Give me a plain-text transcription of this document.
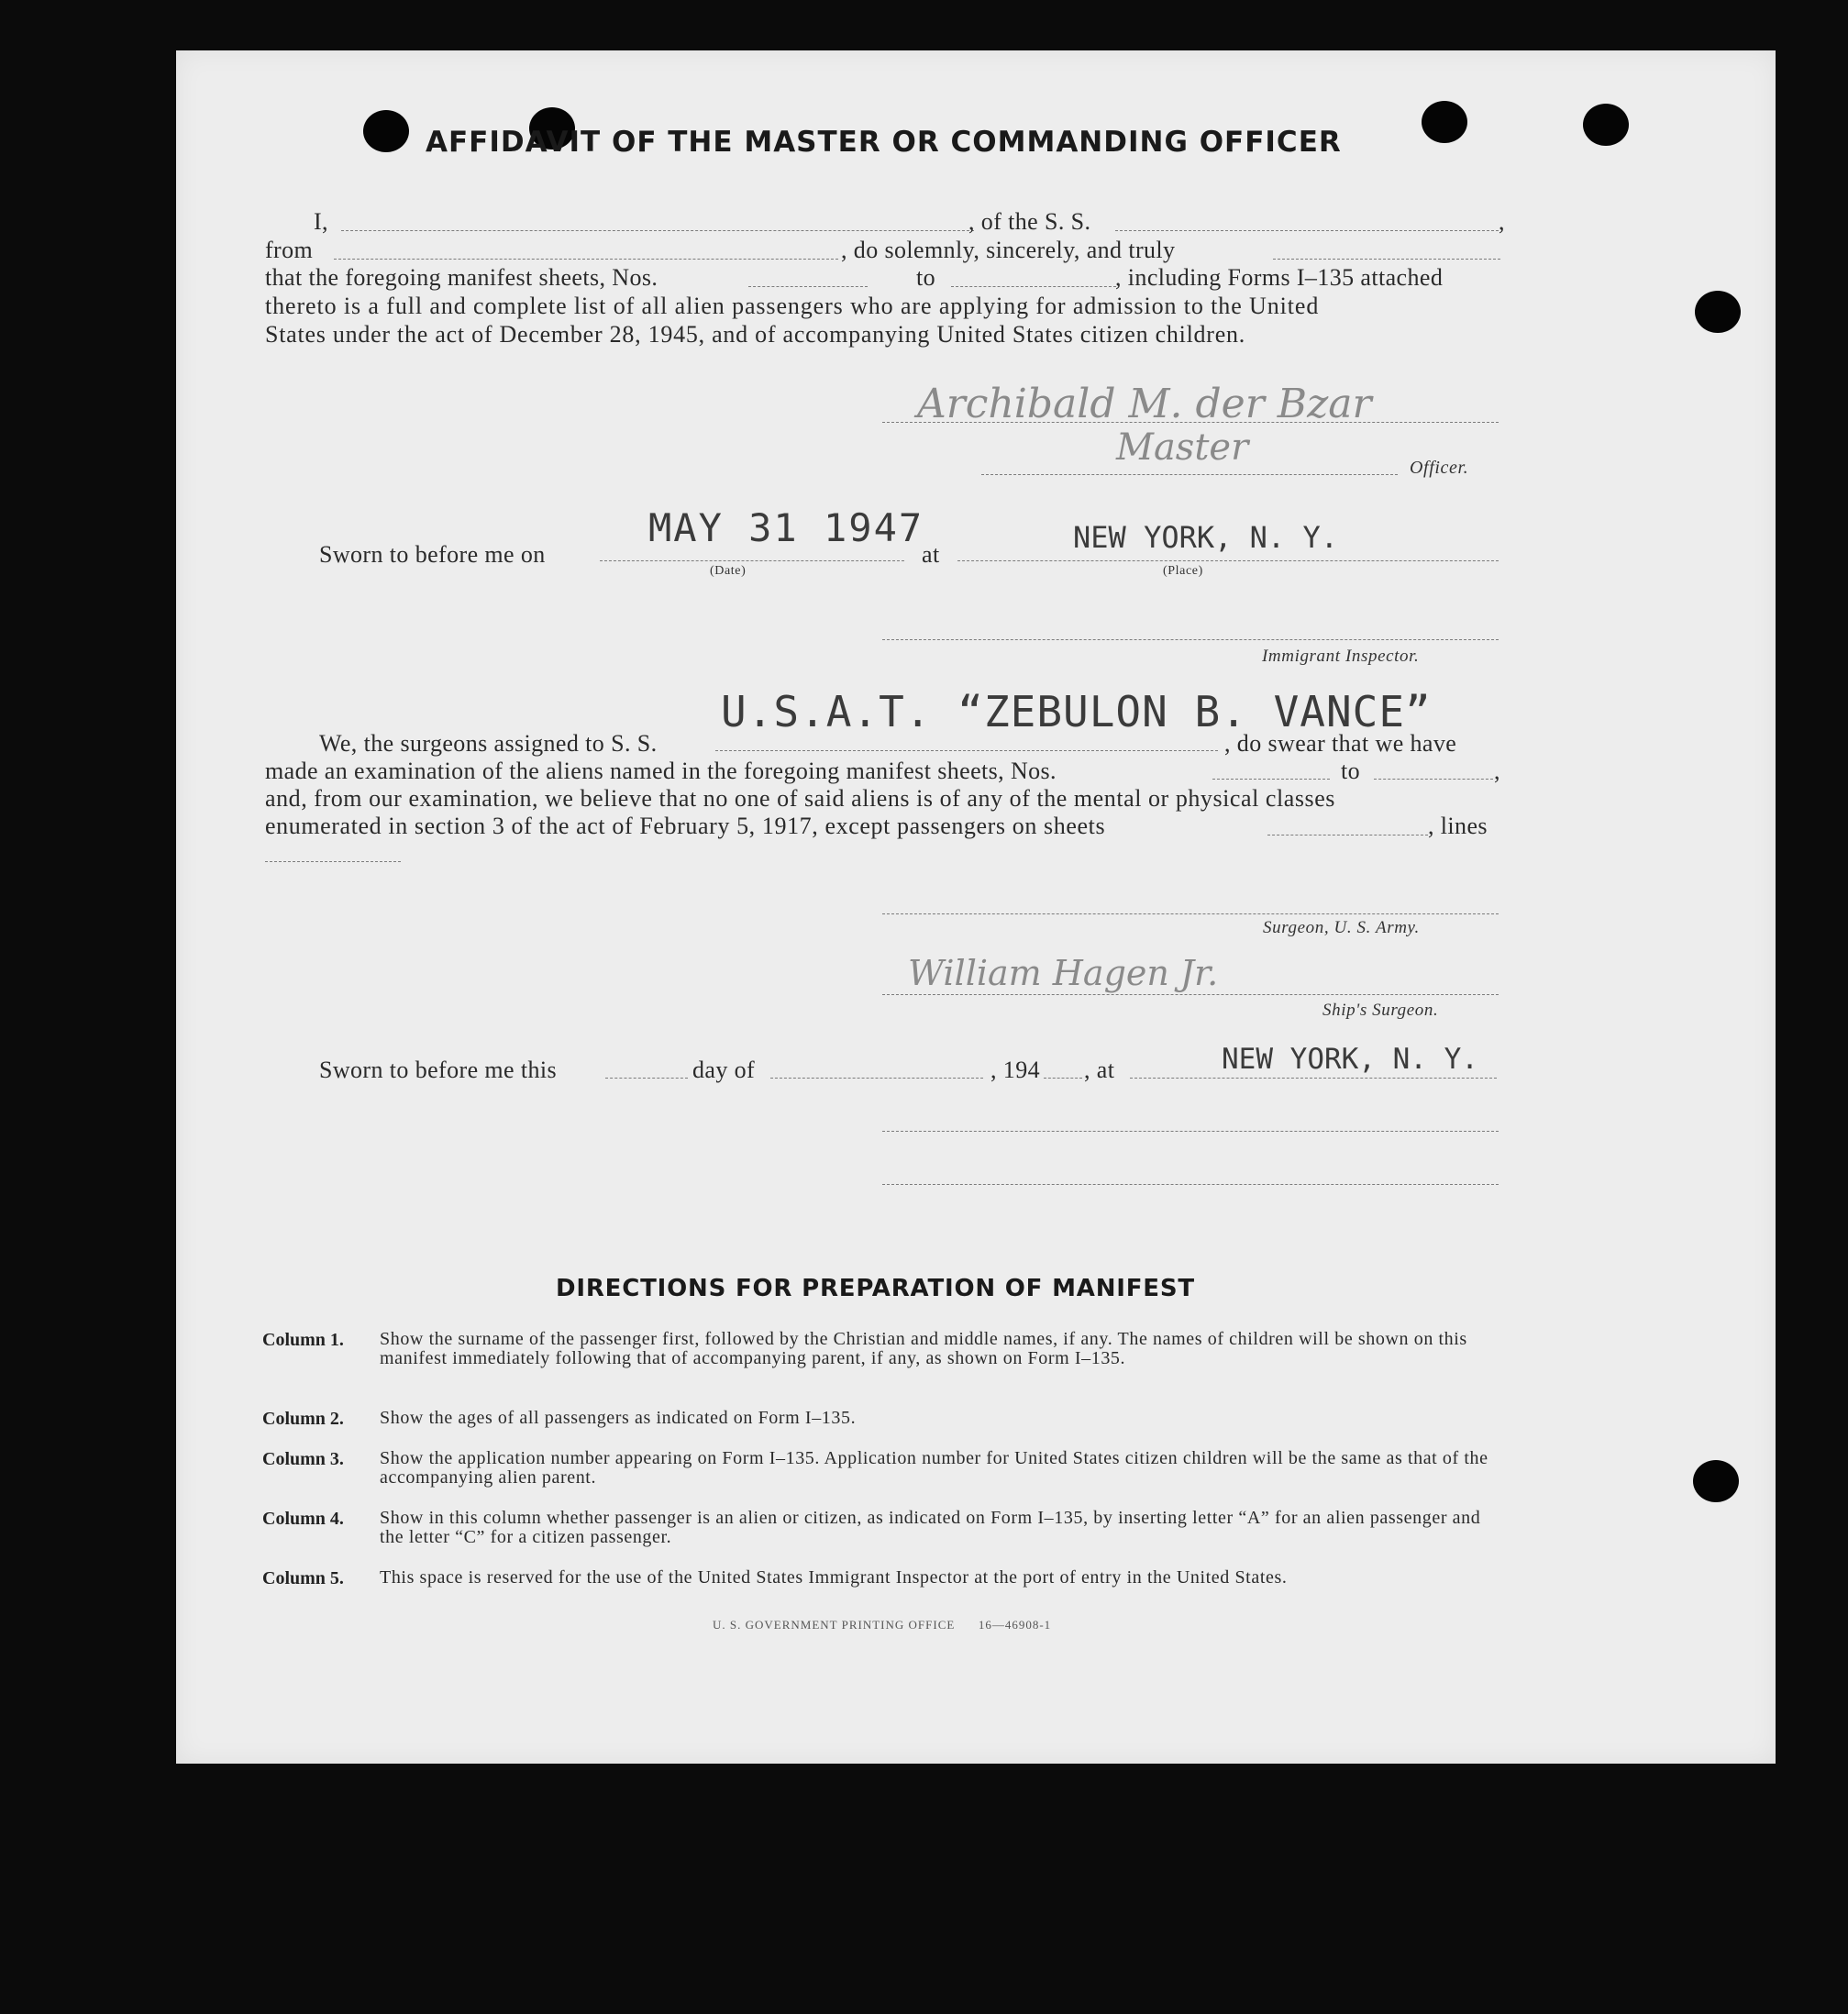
AFFIDAVIT OF THE MASTER OR COMMANDING OFFICER
I,	, of the S. S.	,
from	, do solemnly, sincerely, and truly
that the foregoing manifest sheets, Nos.	to	, including Forms I–135 attached
thereto is a full and complete list of all alien passengers who are applying for admission to the United
States under the act of December 28, 1945, and of accompanying United States citizen children.
Archibald M. der Bzar
Master	Officer.
Sworn to before me on
MAY 31 1947
(Date)
at	NEW YORK, N. Y.
(Place)
Immigrant Inspector.
We, the surgeons assigned to S. S.
U.S.A.T. “ZEBULON B. VANCE”
, do swear that we have
made an examination of the aliens named in the foregoing manifest sheets, Nos.	to	,
and, from our examination, we believe that no one of said aliens is of any of the mental or physical classes
enumerated in section 3 of the act of February 5, 1917, except passengers on sheets	, lines
Surgeon, U. S. Army.
William Hagen Jr.
Ship's Surgeon.
Sworn to before me this	day of	, 194 , at	NEW YORK, N. Y.
DIRECTIONS FOR PREPARATION OF MANIFEST
Column 1. Show the surname of the passenger first, followed by the Christian and middle names, if any. The names of children will be shown on this manifest immediately following that of accompanying parent, if any, as shown on Form I–135.
Column 2. Show the ages of all passengers as indicated on Form I–135.
Column 3. Show the application number appearing on Form I–135. Application number for United States citizen children will be the same as that of the accompanying alien parent.
Column 4. Show in this column whether passenger is an alien or citizen, as indicated on Form I–135, by inserting letter “A” for an alien passenger and the letter “C” for a citizen passenger.
Column 5. This space is reserved for the use of the United States Immigrant Inspector at the port of entry in the United States.
U. S. GOVERNMENT PRINTING OFFICE      16—46908-1
